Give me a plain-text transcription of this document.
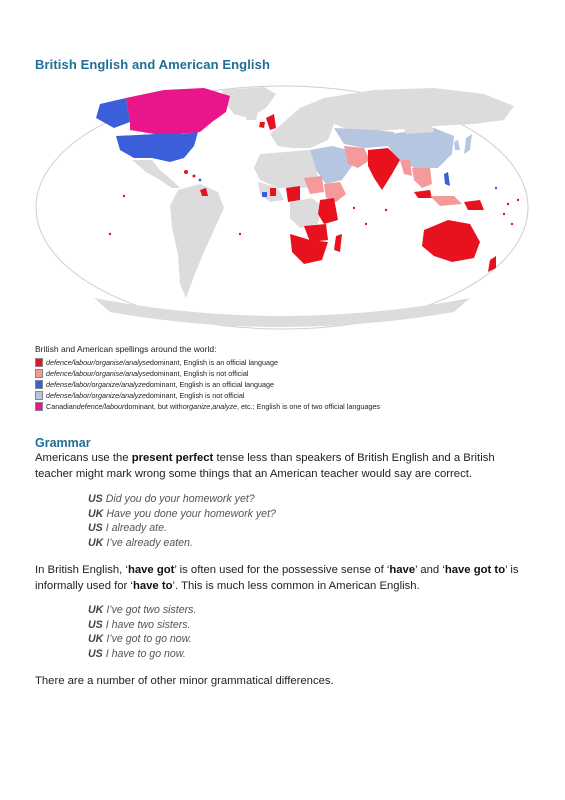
British English and American English
British and American spellings around the world:
defence/labour/organise/analyse dominant, English is an official language
defence/labour/organise/analyse dominant, English is not official
defense/labor/organize/analyze dominant, English is an official language
defense/labor/organize/analyze dominant, English is not official
Canadian defence/labour dominant, but with organize , analyze , etc.; English is one of two official languages
Grammar

Americans use the present perfect tense less than speakers of British English and a British teacher might mark wrong some things that an American teacher would say are correct.

US Did you do your homework yet?
UK Have you done your homework yet?
US I already ate.
UK I’ve already eaten.

In British English, ‘have got’ is often used for the possessive sense of ‘have’ and ‘have got to’ is informally used for ‘have to’. This is much less common in American English.

UK I’ve got two sisters.
US I have two sisters.
UK I’ve got to go now.
US I have to go now.

There are a number of other minor grammatical differences.
